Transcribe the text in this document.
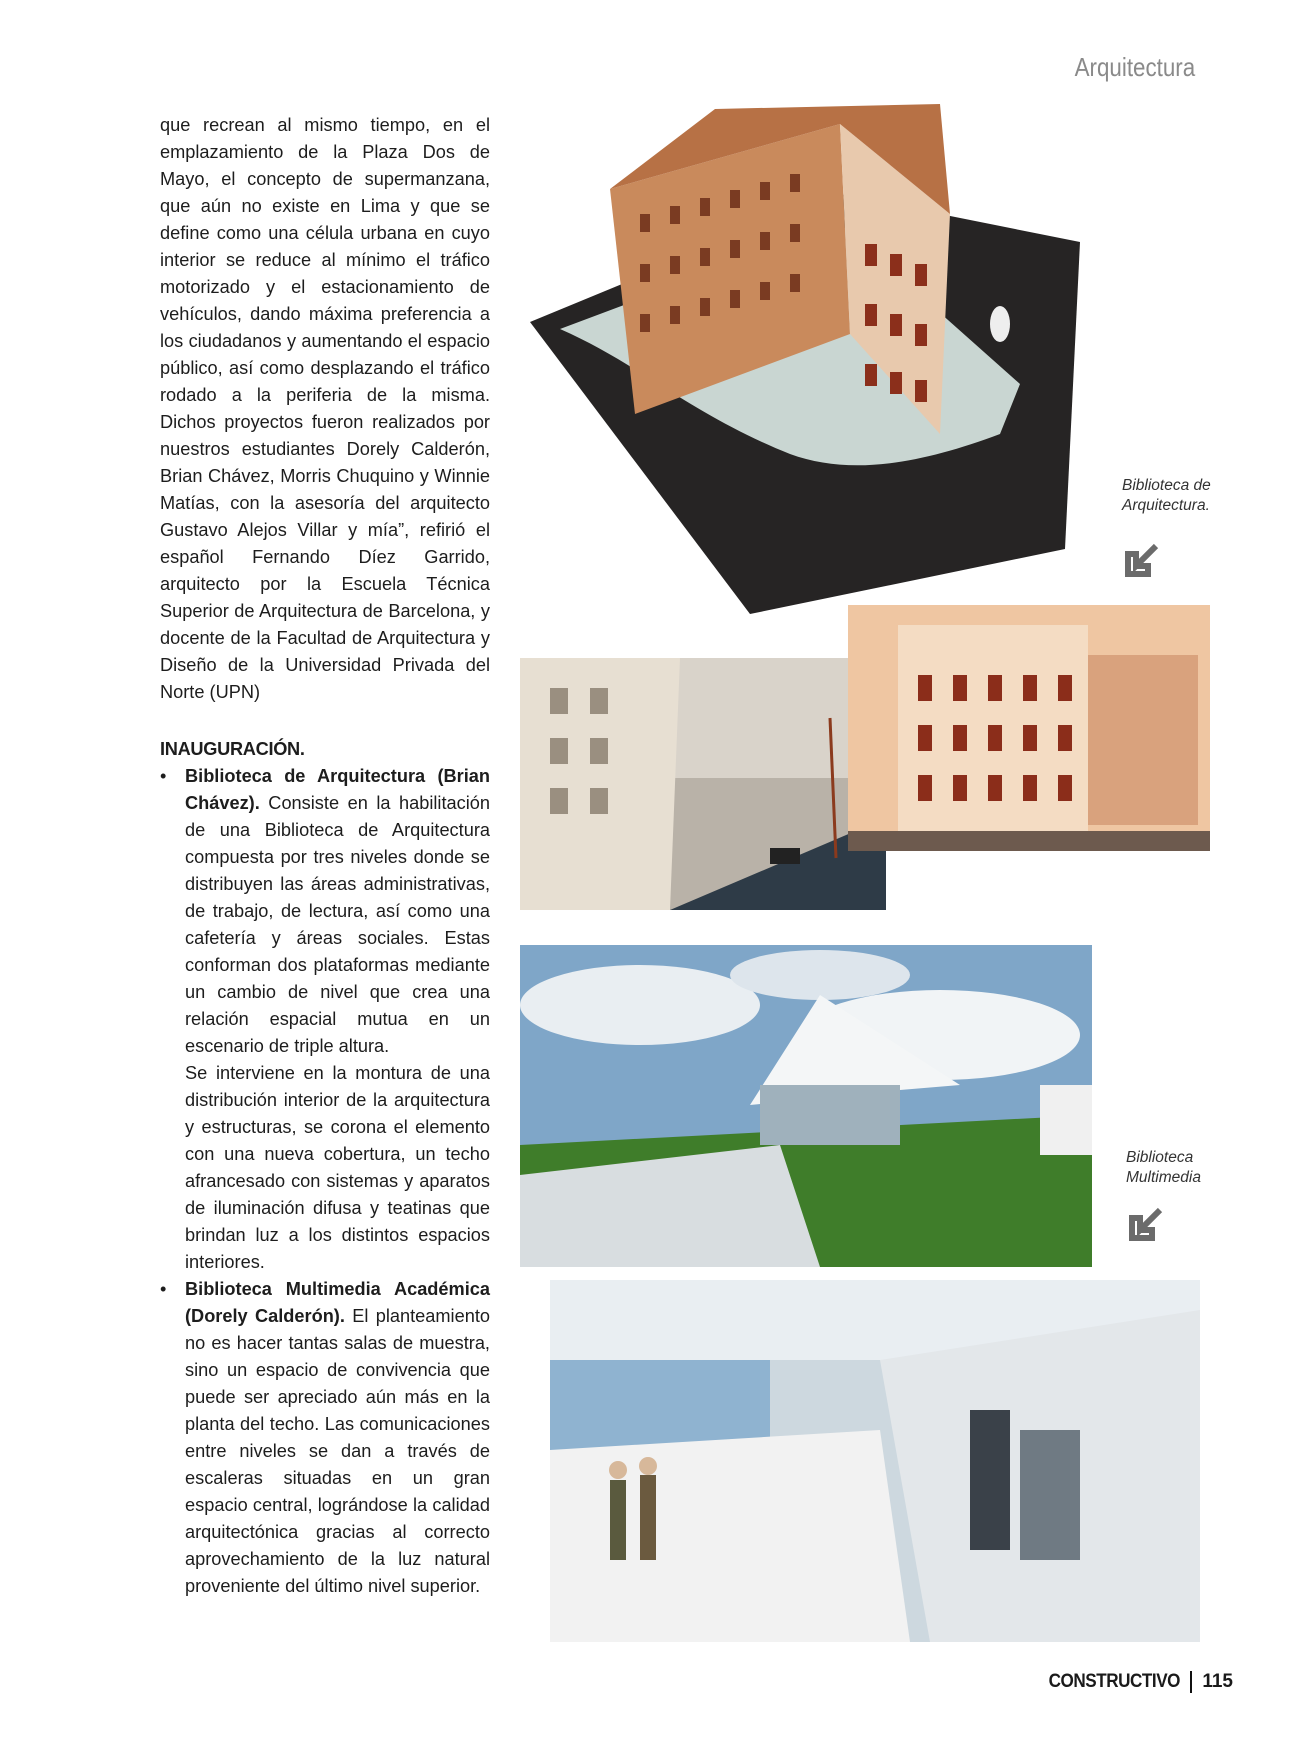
Arquitectura

que recrean al mismo tiempo, en el emplazamiento de la Plaza Dos de Mayo, el concepto de supermanzana, que aún no existe en Lima y que se define como una célula urbana en cuyo interior se reduce al mínimo el tráfico motorizado y el estacionamiento de vehículos, dando máxima preferencia a los ciudadanos y aumentando el espacio público, así como desplazando el tráfico rodado a la periferia de la misma. Dichos proyectos fueron realizados por nuestros estudiantes Dorely Calderón, Brian Chávez, Morris Chuquino y Winnie Matías, con la asesoría del arquitecto Gustavo Alejos Villar y mía”, refirió el español Fernando Díez Garrido, arquitecto por la Escuela Técnica Superior de Arquitectura de Barcelona, y docente de la Facultad de Arquitectura y Diseño de la Universidad Privada del Norte (UPN)

INAUGURACIÓN.

• Biblioteca de Arquitectura (Brian Chávez). Consiste en la habilitación de una Biblioteca de Arquitectura compuesta por tres niveles donde se distribuyen las áreas administrativas, de trabajo, de lectura, así como una cafetería y áreas sociales. Estas conforman dos plataformas mediante un cambio de nivel que crea una relación espacial mutua en un escenario de triple altura.

Se interviene en la montura de una distribución interior de la arquitectura y estructuras, se corona el elemento con una nueva cobertura, un techo afrancesado con sistemas y aparatos de iluminación difusa y teatinas que brindan luz a los distintos espacios interiores.

• Biblioteca Multimedia Académica (Dorely Calderón). El planteamiento no es hacer tantas salas de muestra, sino un espacio de convivencia que puede ser apreciado aún más en la planta del techo. Las comunicaciones entre niveles se dan a través de escaleras situadas en un gran espacio central, lográndose la calidad arquitectónica gracias al correcto aprovechamiento de la luz natural proveniente del último nivel superior.
Biblioteca de
Arquitectura.
Biblioteca
Multimedia
CONSTRUCTIVO 115
